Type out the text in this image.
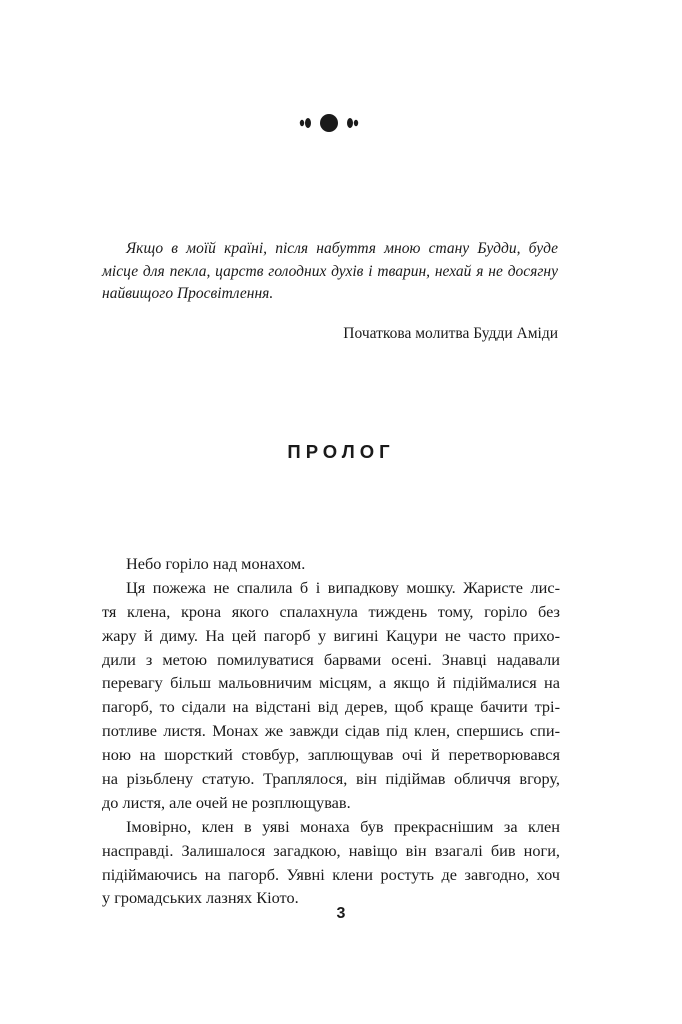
Якщо в моїй країні, після набуття мною стану Будди, буде місце для пекла, царств голодних духів і тварин, нехай я не досягну найвищого Просвітлення.

Початкова молитва Будди Аміди
ПРОЛОГ
Небо горіло над монахом.
Ця пожежа не спалила б і випадкову мошку. Жаристе лис-
тя клена, крона якого спалахнула тиждень тому, горіло без
жару й диму. На цей пагорб у вигині Кацури не часто прихо-
дили з метою помилуватися барвами осені. Знавці надавали
перевагу більш мальовничим місцям, а якщо й підіймалися на
пагорб, то сідали на відстані від дерев, щоб краще бачити трі-
потливе листя. Монах же завжди сідав під клен, спершись спи-
ною на шорсткий стовбур, заплющував очі й перетворювався
на різьблену статую. Траплялося, він підіймав обличчя вгору,
до листя, але очей не розплющував.
Імовірно, клен в уяві монаха був прекраснішим за клен
насправді. Залишалося загадкою, навіщо він взагалі бив ноги,
підіймаючись на пагорб. Уявні клени ростуть де завгодно, хоч
у громадських лазнях Кіото.
3
